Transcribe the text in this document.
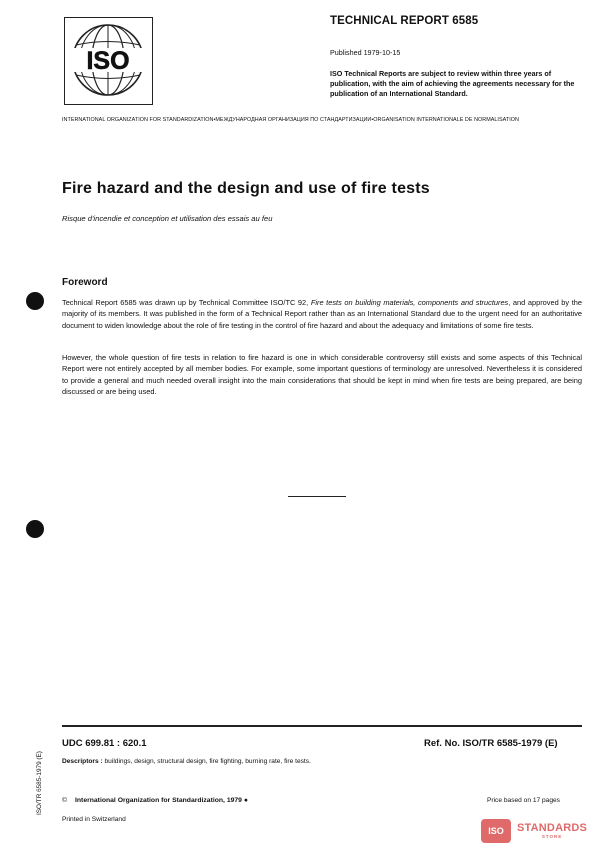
ISO
TECHNICAL REPORT 6585
Published 1979-10-15
ISO Technical Reports are subject to review within three years of publication, with the aim of achieving the agreements necessary for the publication of an International Standard.
INTERNATIONAL ORGANIZATION FOR STANDARDIZATION•МЕЖДУНАРОДНАЯ ОРГАНИЗАЦИЯ ПО СТАНДАРТИЗАЦИИ•ORGANISATION INTERNATIONALE DE NORMALISATION
Fire hazard and the design and use of fire tests
Risque d'incendie et conception et utilisation des essais au feu
Foreword
Technical Report 6585 was drawn up by Technical Committee ISO/TC 92, Fire tests on building materials, components and structures, and approved by the majority of its members. It was published in the form of a Technical Report rather than as an International Standard due to the urgent need for an authoritative document to widen knowledge about the role of fire testing in the control of fire hazard and about the adequacy and limitations of some fire tests.
However, the whole question of fire tests in relation to fire hazard is one in which considerable controversy still exists and some aspects of this Technical Report were not entirely accepted by all member bodies. For example, some important questions of terminology are unresolved. Nevertheless it is considered to provide a general and much needed overall insight into the main considerations that should be kept in mind when fire tests are being prepared, are being discussed or are being used.
UDC 699.81 : 620.1	Ref. No. ISO/TR 6585-1979 (E)
Descriptors : buildings, design, structural design, fire fighting, burning rate, fire tests.
© International Organization for Standardization, 1979 ●	Price based on 17 pages
Printed in Switzerland
ISO/TR 6585-1979 (E)
ISO	STANDARDS
STORE
